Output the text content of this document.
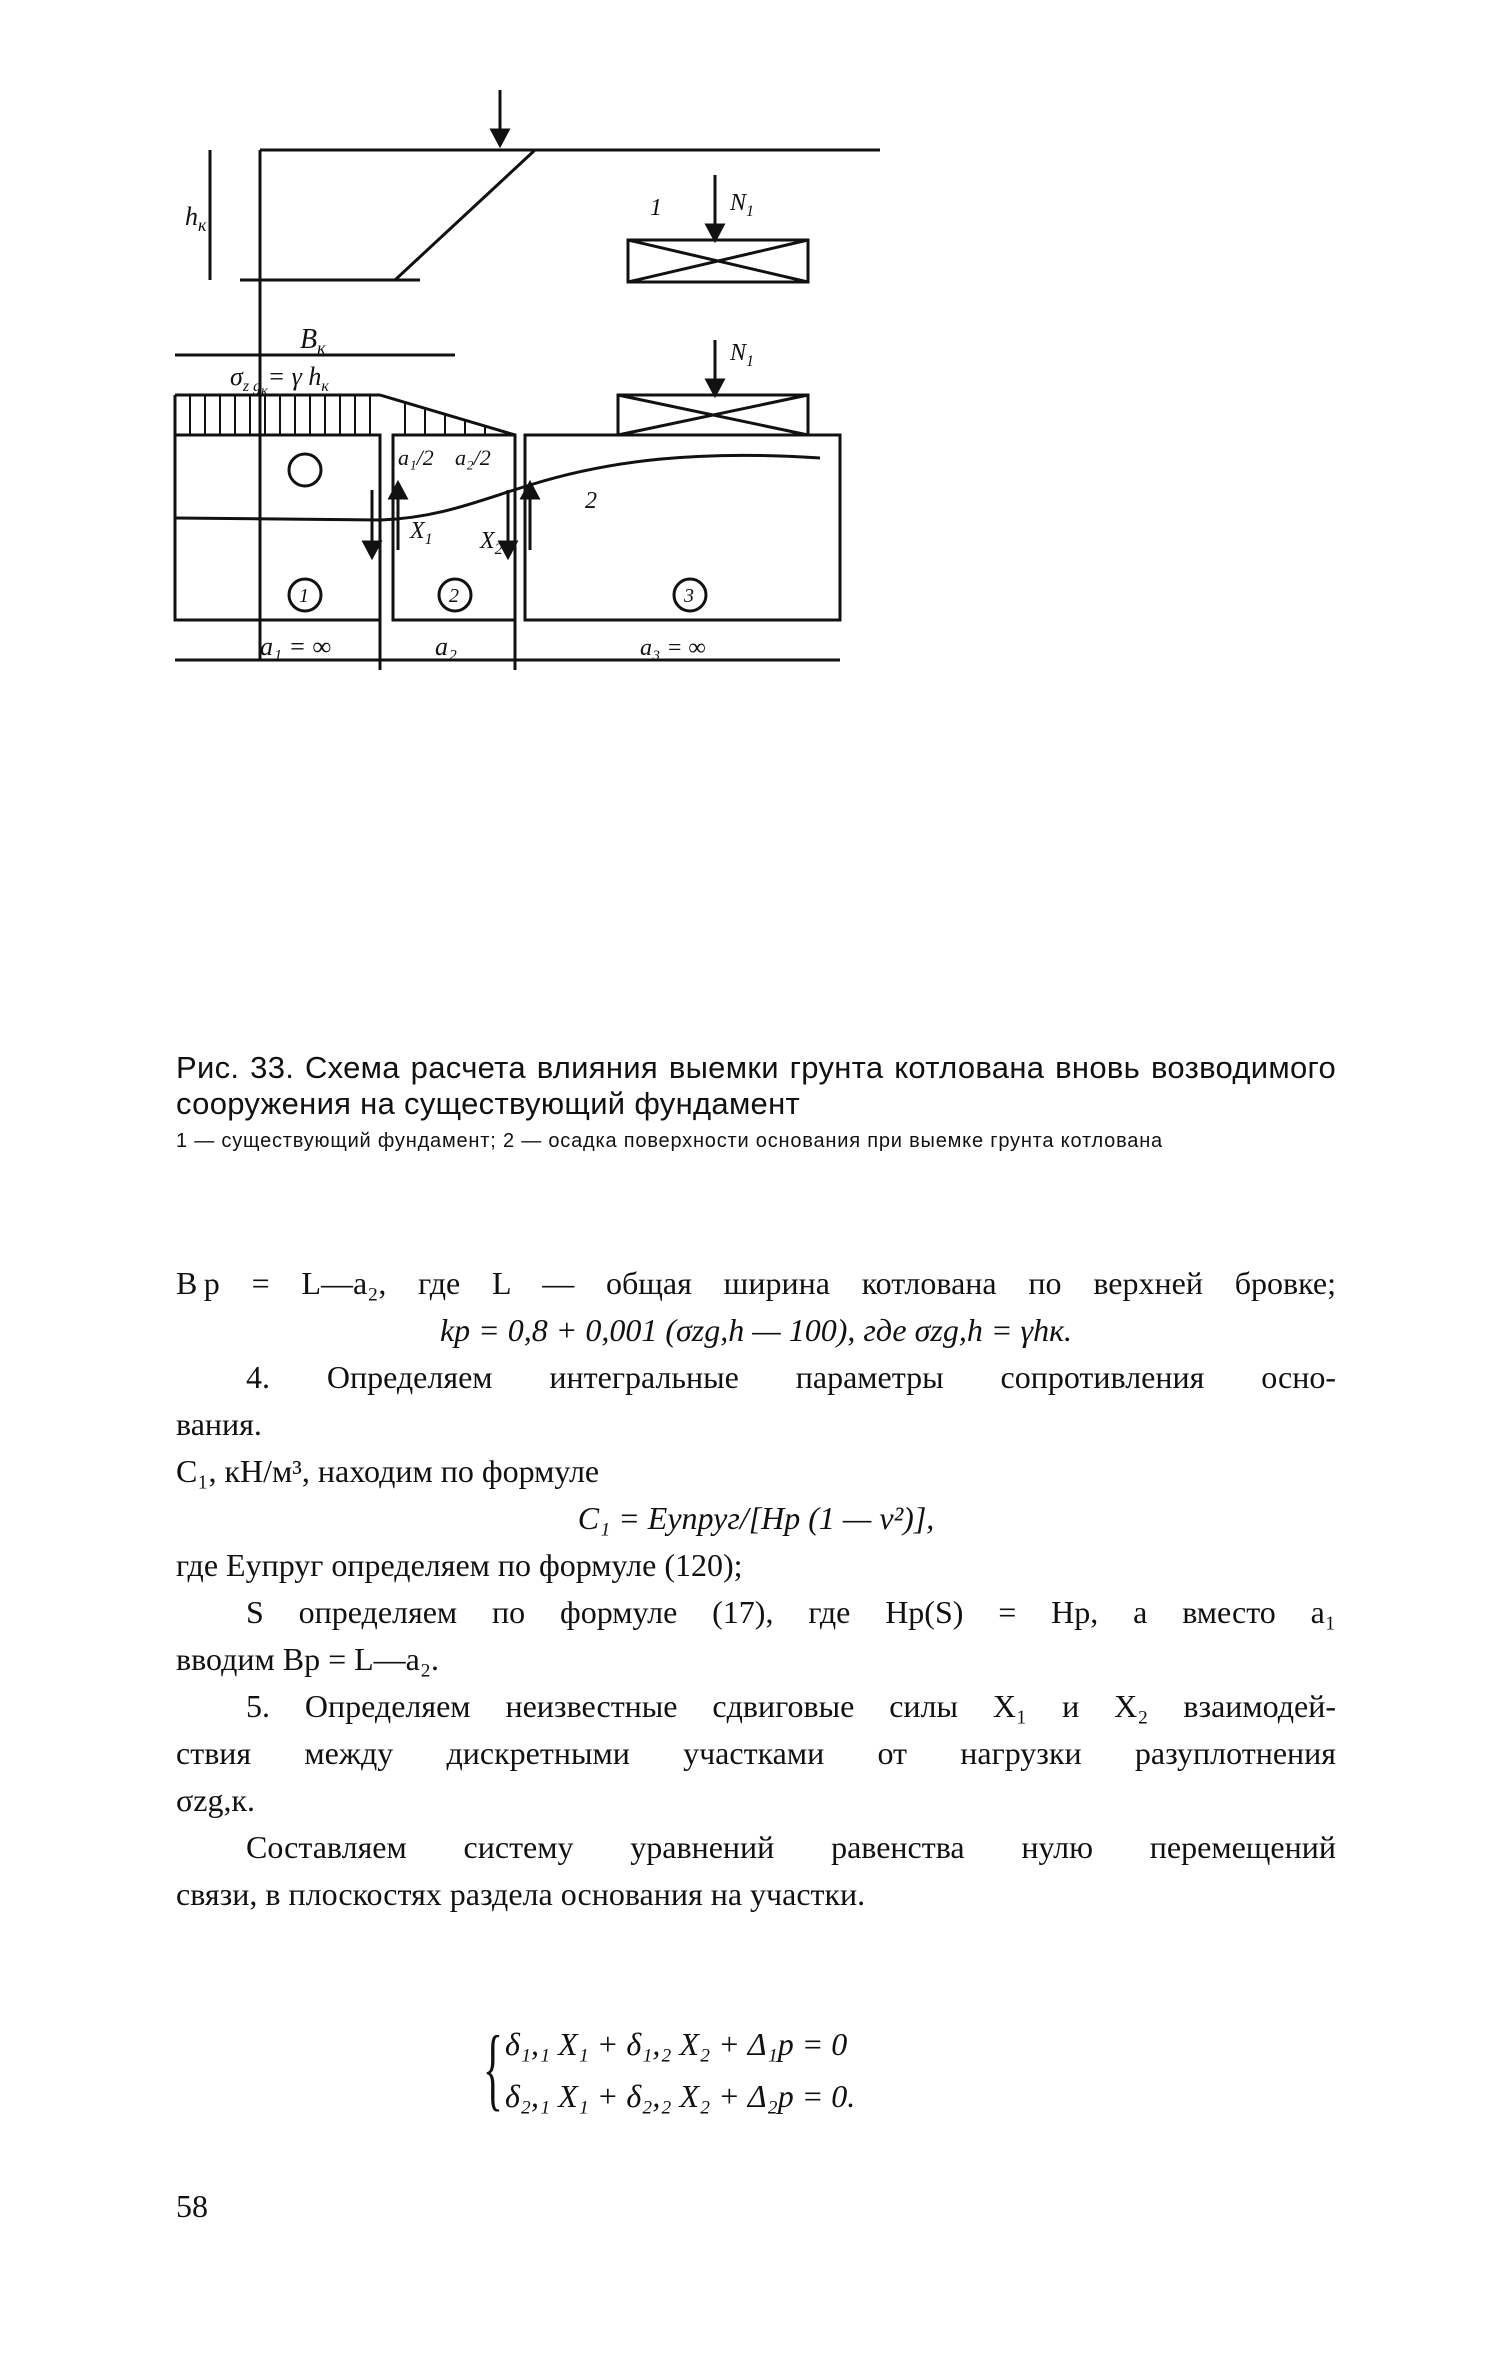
$h_к$
$N_1$
1
$N_1$
$B_к$
$\sigma_{z g}к= \gamma$ $h_к$
a₁/2 a₂/2
$X_1$ $X_2$
2
1	2	3
a₁ = ∞	a₂	a₃ = ∞
Рис. 33. Схема расчета влияния выемки грунта котлована вновь возводимого сооружения на существующий фундамент
1 — существующий фундамент; 2 — осадка поверхности основания при выемке грунта котлована
B р = L—a₂, где L — общая ширина котлована по верхней бровке;
kp = 0,8 + 0,001 (σzg,h — 100), где σzg,h = γhк.
4. Определяем интегральные параметры сопротивления осно-
вания.
C₁, кН/м³, находим по формуле
C₁ = Eупруг/[Hp (1 — ν²)],
где Eупруг определяем по формуле (120);
S определяем по формуле (17), где Hp(S) = Hp, а вместо a₁
вводим Bp = L—a₂.
5. Определяем неизвестные сдвиговые силы X₁ и X₂ взаимодей-
ствия между дискретными участками от нагрузки разуплотнения
σzg,к.
Составляем систему уравнений равенства нулю перемещений
связи, в плоскостях раздела основания на участки.
{ δ₁,₁ X₁ + δ₁,₂ X₂ + Δ₁p = 0
δ₂,₁ X₁ + δ₂,₂ X₂ + Δ₂p = 0.
58
